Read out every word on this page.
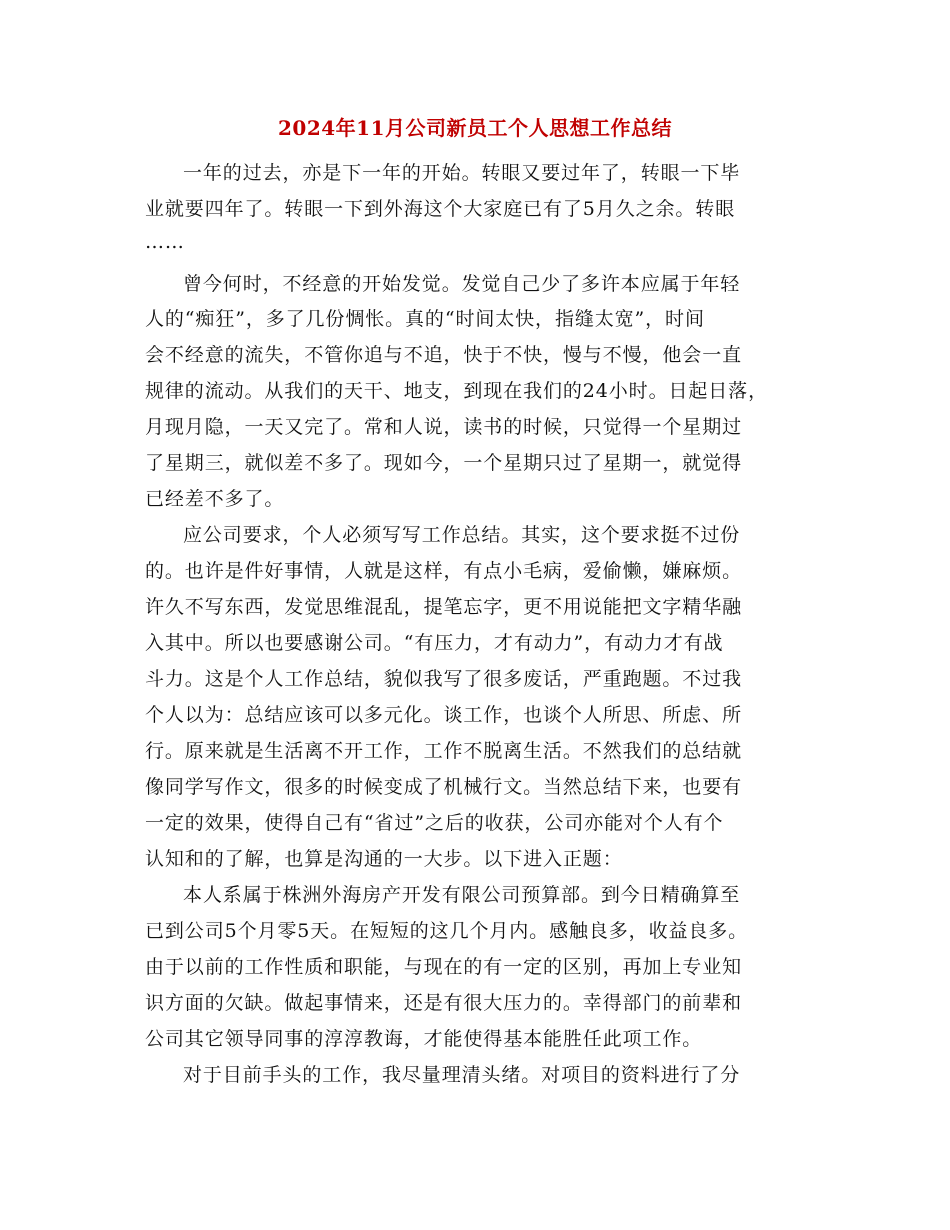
2024年11月公司新员工个人思想工作总结
一年的过去，亦是下一年的开始。转眼又要过年了，转眼一下毕
业就要四年了。转眼一下到外海这个大家庭已有了5月久之余。转眼
……
曾今何时，不经意的开始发觉。发觉自己少了多许本应属于年轻
人的“痴狂”，多了几份惆怅。真的“时间太快，指缝太宽”，时间
会不经意的流失，不管你追与不追，快于不快，慢与不慢，他会一直
规律的流动。从我们的天干、地支，到现在我们的24小时。日起日落，
月现月隐，一天又完了。常和人说，读书的时候，只觉得一个星期过
了星期三，就似差不多了。现如今，一个星期只过了星期一，就觉得
已经差不多了。
应公司要求，个人必须写写工作总结。其实，这个要求挺不过份
的。也许是件好事情，人就是这样，有点小毛病，爱偷懒，嫌麻烦。
许久不写东西，发觉思维混乱，提笔忘字，更不用说能把文字精华融
入其中。所以也要感谢公司。“有压力，才有动力”，有动力才有战
斗力。这是个人工作总结，貌似我写了很多废话，严重跑题。不过我
个人以为：总结应该可以多元化。谈工作，也谈个人所思、所虑、所
行。原来就是生活离不开工作，工作不脱离生活。不然我们的总结就
像同学写作文，很多的时候变成了机械行文。当然总结下来，也要有
一定的效果，使得自己有“省过”之后的收获，公司亦能对个人有个
认知和的了解，也算是沟通的一大步。以下进入正题：
本人系属于株洲外海房产开发有限公司预算部。到今日精确算至
已到公司5个月零5天。在短短的这几个月内。感触良多，收益良多。
由于以前的工作性质和职能，与现在的有一定的区别，再加上专业知
识方面的欠缺。做起事情来，还是有很大压力的。幸得部门的前辈和
公司其它领导同事的淳淳教诲，才能使得基本能胜任此项工作。
对于目前手头的工作，我尽量理清头绪。对项目的资料进行了分
